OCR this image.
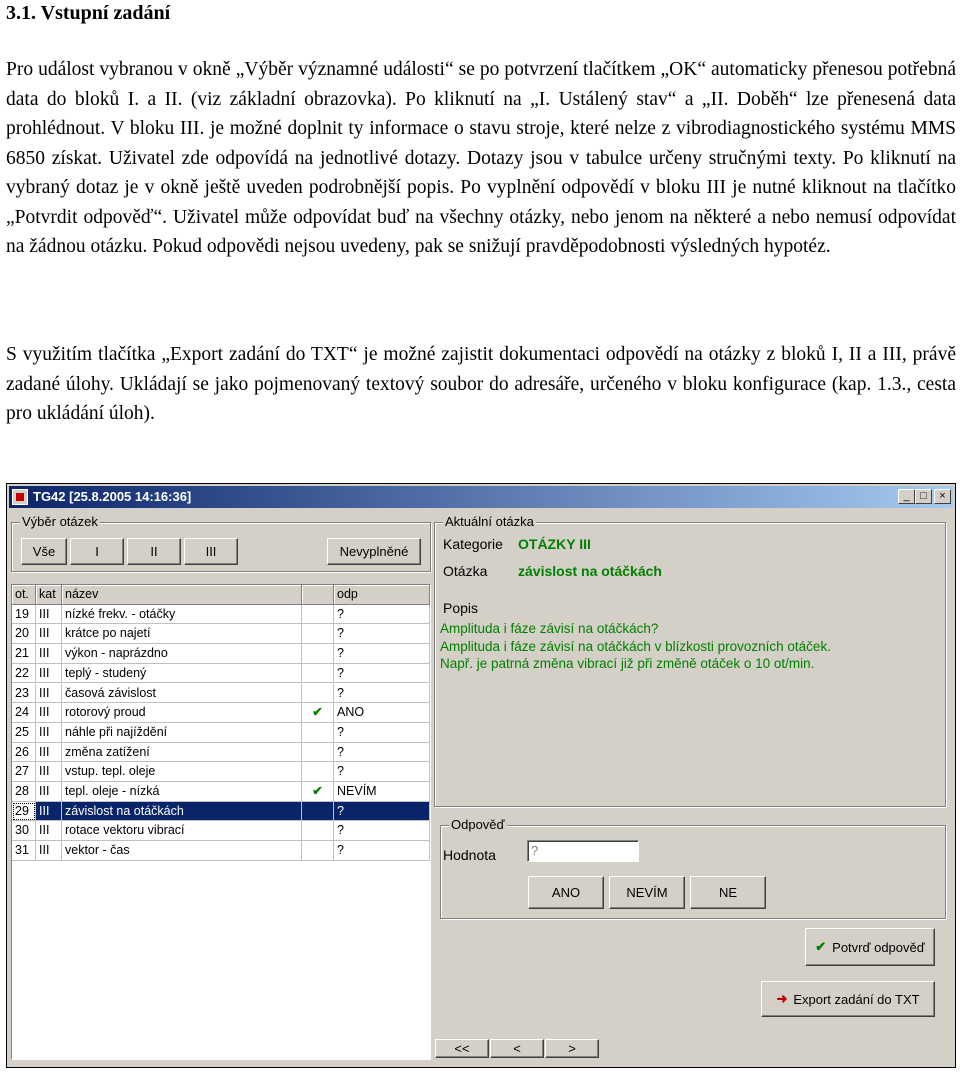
3.1. Vstupní zadání

Pro událost vybranou v okně „Výběr významné události“ se po potvrzení tlačítkem „OK“ automaticky přenesou potřebná data do bloků I. a II. (viz základní obrazovka). Po kliknutí na „I. Ustálený stav“ a „II. Doběh“ lze přenesená data prohlédnout. V bloku III. je možné doplnit ty informace o stavu stroje, které nelze z vibrodiagnostického systému MMS 6850 získat. Uživatel zde odpovídá na jednotlivé dotazy. Dotazy jsou v tabulce určeny stručnými texty. Po kliknutí na vybraný dotaz je v okně ještě uveden podrobnější popis. Po vyplnění odpovědí v bloku III je nutné kliknout na tlačítko „Potvrdit odpověď“. Uživatel může odpovídat buď na všechny otázky, nebo jenom na některé a nebo nemusí odpovídat na žádnou otázku. Pokud odpovědi nejsou uvedeny, pak se snižují pravděpodobnosti výsledných hypotéz.

S využitím tlačítka „Export zadání do TXT“ je možné zajistit dokumentaci odpovědí na otázky z bloků I, II a III, právě zadané úlohy. Ukládají se jako pojmenovaný textový soubor do adresáře, určeného v bloku konfigurace (kap. 1.3., cesta pro ukládání úloh).

TG42 [25.8.2005 14:16:36]	_ □	×
Výběr otázek
Vše	I	II	III	Nevyplněné
ot. kat název	odp
19 III	nízké frekv. - otáčky	?
20 III	krátce po najetí	?
21 III	výkon - naprázdno	?
22 III	teplý - studený	?
23 III	časová závislost	?
24 III	rotorový proud	✔	ANO
25 III	náhle při najíždění	?
26 III	změna zatížení	?
27 III	vstup. tepl. oleje	?
28 III	tepl. oleje - nízká	✔	NEVÍM
29 III	závislost na otáčkách	?
30 III	rotace vektoru vibrací	?
31 III	vektor - čas	?
Aktuální otázka
Kategorie OTÁZKY III
Otázka závislost na otáčkách
Popis
Amplituda i fáze závisí na otáčkách?
Amplituda i fáze závisí na otáčkách v blízkosti provozních otáček.
Např. je patrná změna vibrací již při změně otáček o 10 ot/min.
Odpověď
Hodnota	?
ANO	NEVÍM	NE
✔ Potvrď odpověď
➜ Export zadání do TXT
<<	<	>
